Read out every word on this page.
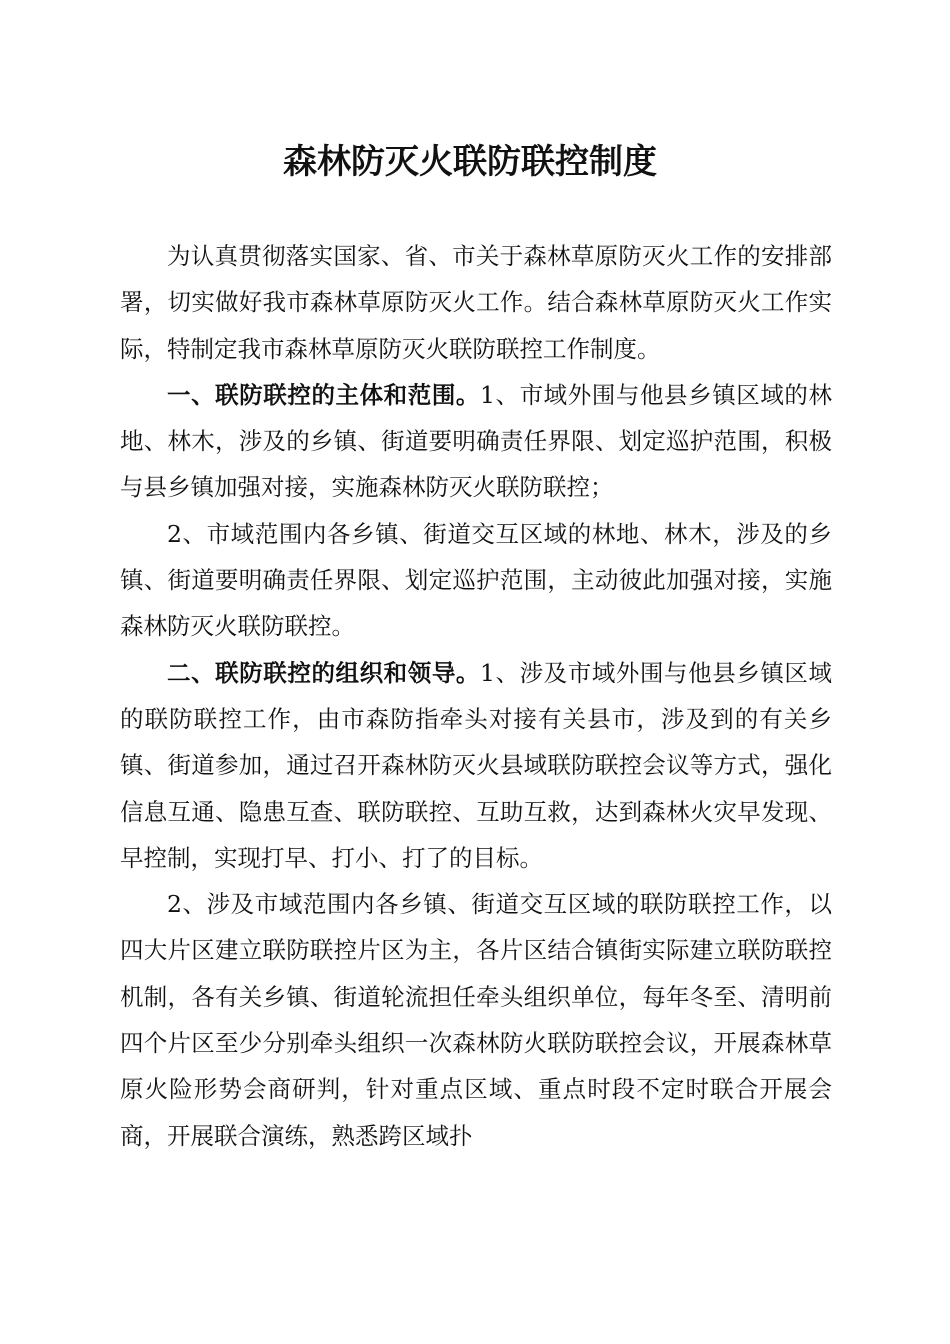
森林防灭火联防联控制度

为认真贯彻落实国家、省、市关于森林草原防灭火工作的安排部署，切实做好我市森林草原防灭火工作。结合森林草原防灭火工作实际，特制定我市森林草原防灭火联防联控工作制度。

一、联防联控的主体和范围。1、市域外围与他县乡镇区域的林地、林木，涉及的乡镇、街道要明确责任界限、划定巡护范围，积极与县乡镇加强对接，实施森林防灭火联防联控；

2、市域范围内各乡镇、街道交互区域的林地、林木，涉及的乡镇、街道要明确责任界限、划定巡护范围，主动彼此加强对接，实施森林防灭火联防联控。

二、联防联控的组织和领导。1、涉及市域外围与他县乡镇区域的联防联控工作，由市森防指牵头对接有关县市，涉及到的有关乡镇、街道参加，通过召开森林防灭火县域联防联控会议等方式，强化信息互通、隐患互查、联防联控、互助互救，达到森林火灾早发现、早控制，实现打早、打小、打了的目标。

2、涉及市域范围内各乡镇、街道交互区域的联防联控工作，以四大片区建立联防联控片区为主，各片区结合镇街实际建立联防联控机制，各有关乡镇、街道轮流担任牵头组织单位，每年冬至、清明前四个片区至少分别牵头组织一次森林防火联防联控会议，开展森林草原火险形势会商研判，针对重点区域、重点时段不定时联合开展会商，开展联合演练，熟悉跨区域扑
